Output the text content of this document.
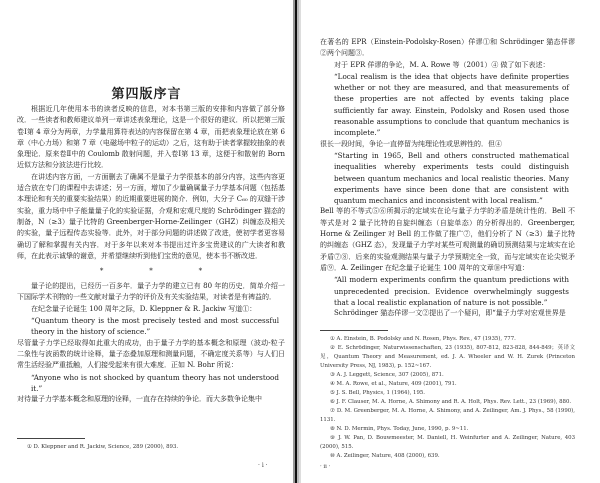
第四版序言

根据近几年使用本书的读者反映的信息，对本书第三版的安排和内容做了部分修改．一些读者和教师建议单列一章讲述表象理论，这是一个很好的建议．所以把第三版卷Ⅰ第 4 章分为两章，力学量用算符表达的内容保留在第 4 章，而把表象理论放在第 6 章（中心力场）和第 7 章（电磁场中粒子的运动）之后，这有助于读者掌握较抽象的表象理论．原来卷Ⅱ中的 Coulomb 散射问题，并入卷Ⅰ第 13 章，这便于和散射的 Born 近似方法和分波法进行比较．

在讲述内容方面，一方面删去了确属不是量子力学很基本的部分内容，这些内容更适合放在专门的课程中去讲述；另一方面，增加了少量确属量子力学基本问题（包括基本理论和有关的重要实验结果）的近期重要进展的简介．例如，大分子 C₆₀ 的双缝干涉实验，重力场中中子能量量子化的实验证据，介观和宏观尺度的 Schrödinger 猫态的制备，N（≥3）量子比特的 Greenberger-Horne-Zeilinger（GHZ）纠缠态及相关的实验，量子远程传态实验等．此外，对于部分问题的讲述做了改进，使初学者更容易确切了解和掌握有关内容．对于多年以来对本书提出过许多宝贵建议的广大读者和教师，在此表示诚挚的谢意，并希望继续听到他们宝贵的意见，使本书不断改进．

*	*	*

量子论的提出，已经历一百多年．量子力学的建立已有 80 年的历史．简单介绍一下国际学术刊物的一些文献对量子力学的评价及有关实验结果，对读者是有裨益的．

在纪念量子论诞生 100 周年之际，D. Kleppner & R. Jackiw 写道①：

“Quantum theory is the most precisely tested and most successful theory in the history of science.”

尽管量子力学已经取得如此重大的成功，由于量子力学的基本概念和原理（波动-粒子二象性与波函数的统计诠释，量子态叠加原理和测量问题，不确定度关系等）与人们日常生活经验严重抵触，人们接受起来有很大难度．正如 N. Bohr 所说：

“Anyone who is not shocked by quantum theory has not understood it.”

对待量子力学基本概念和原理的诠释，一直存在持续的争论．而大多数争论集中

① D. Kleppner and R. Jackiw, Science, 289 (2000), 893.

· i ·

在著名的 EPR（Einstein-Podolsky-Rosen）佯谬①和 Schrödinger 猫态佯谬②两个问题③．

对于 EPR 佯谬的争论，M. A. Rowe 等（2001）④ 做了如下表述：

“Local realism is the idea that objects have definite properties whether or not they are measured, and that measurements of these properties are not affected by events taking place sufficiently far away. Einstein, Podolsky and Rosen used those reasonable assumptions to conclude that quantum mechanics is incomplete.”

很长一段时间，争论一直停留为纯理论性或思辨性的．但④

“Starting in 1965, Bell and others constructed mathematical inequalities whereby experiments tests could distinguish between quantum mechanics and local realistic theories. Many experiments have since been done that are consistent with quantum mechanics and inconsistent with local realism.”

Bell 等的不等式⑤⑥所揭示的定域实在论与量子力学的矛盾是统计性的．Bell 不等式是对 2 量子比特的自旋纠缠态（自旋单态）的分析得出的．Greenberger, Horne & Zeilinger 对 Bell 的工作做了推广⑦，他们分析了 N（≥3）量子比特的纠缠态（GHZ 态），发现量子力学对某些可观测量的确切预测结果与定域实在论矛盾⑦⑧．后来的实验观测结果与量子力学预期完全一致，而与定域实在论尖锐矛盾⑨．A. Zeilinger 在纪念量子论诞生 100 周年的文章⑩中写道：

“All modern experiments confirm the quantum predictions with unprecedented precision. Evidence overwhelmingly suggests that a local realistic explanation of nature is not possible.”

Schrödinger 猫态佯谬一文②提出了一个疑问，即“量子力学对宏观世界是

① A. Einstein, B. Podolsky and N. Rosen, Phys. Rev., 47 (1935), 777.

② E. Schrödinger, Naturwissenschaften, 23 (1935), 807-812, 823-828, 844-849；英译文见，Quantum Theory and Measurement, ed. J. A. Wheeler and W. H. Zurek (Princeton University Press, NJ, 1983), p. 152~167.

③ A. J. Leggett, Science, 307 (2005), 871.

④ M. A. Rowe, et al., Nature, 409 (2001), 791.

⑤ J. S. Bell, Physics, 1 (1964), 195.

⑥ J. F. Clauser, M. A. Horne, A. Shimony and R. A. Holt, Phys. Rev. Lett., 23 (1969), 880.

⑦ D. M. Greenberger, M. A. Horne, A. Shimony, and A. Zeilinger, Am. J. Phys., 58 (1990), 1131.

⑧ N. D. Mermin, Phys. Today, June, 1990, p. 9~11.

⑨ J. W. Pan, D. Bouwmeester, M. Daniell, H. Weinfurter and A. Zeilinger, Nature, 403 (2000), 515.

⑩ A. Zeilinger, Nature, 408 (2000), 639.

· ii ·
